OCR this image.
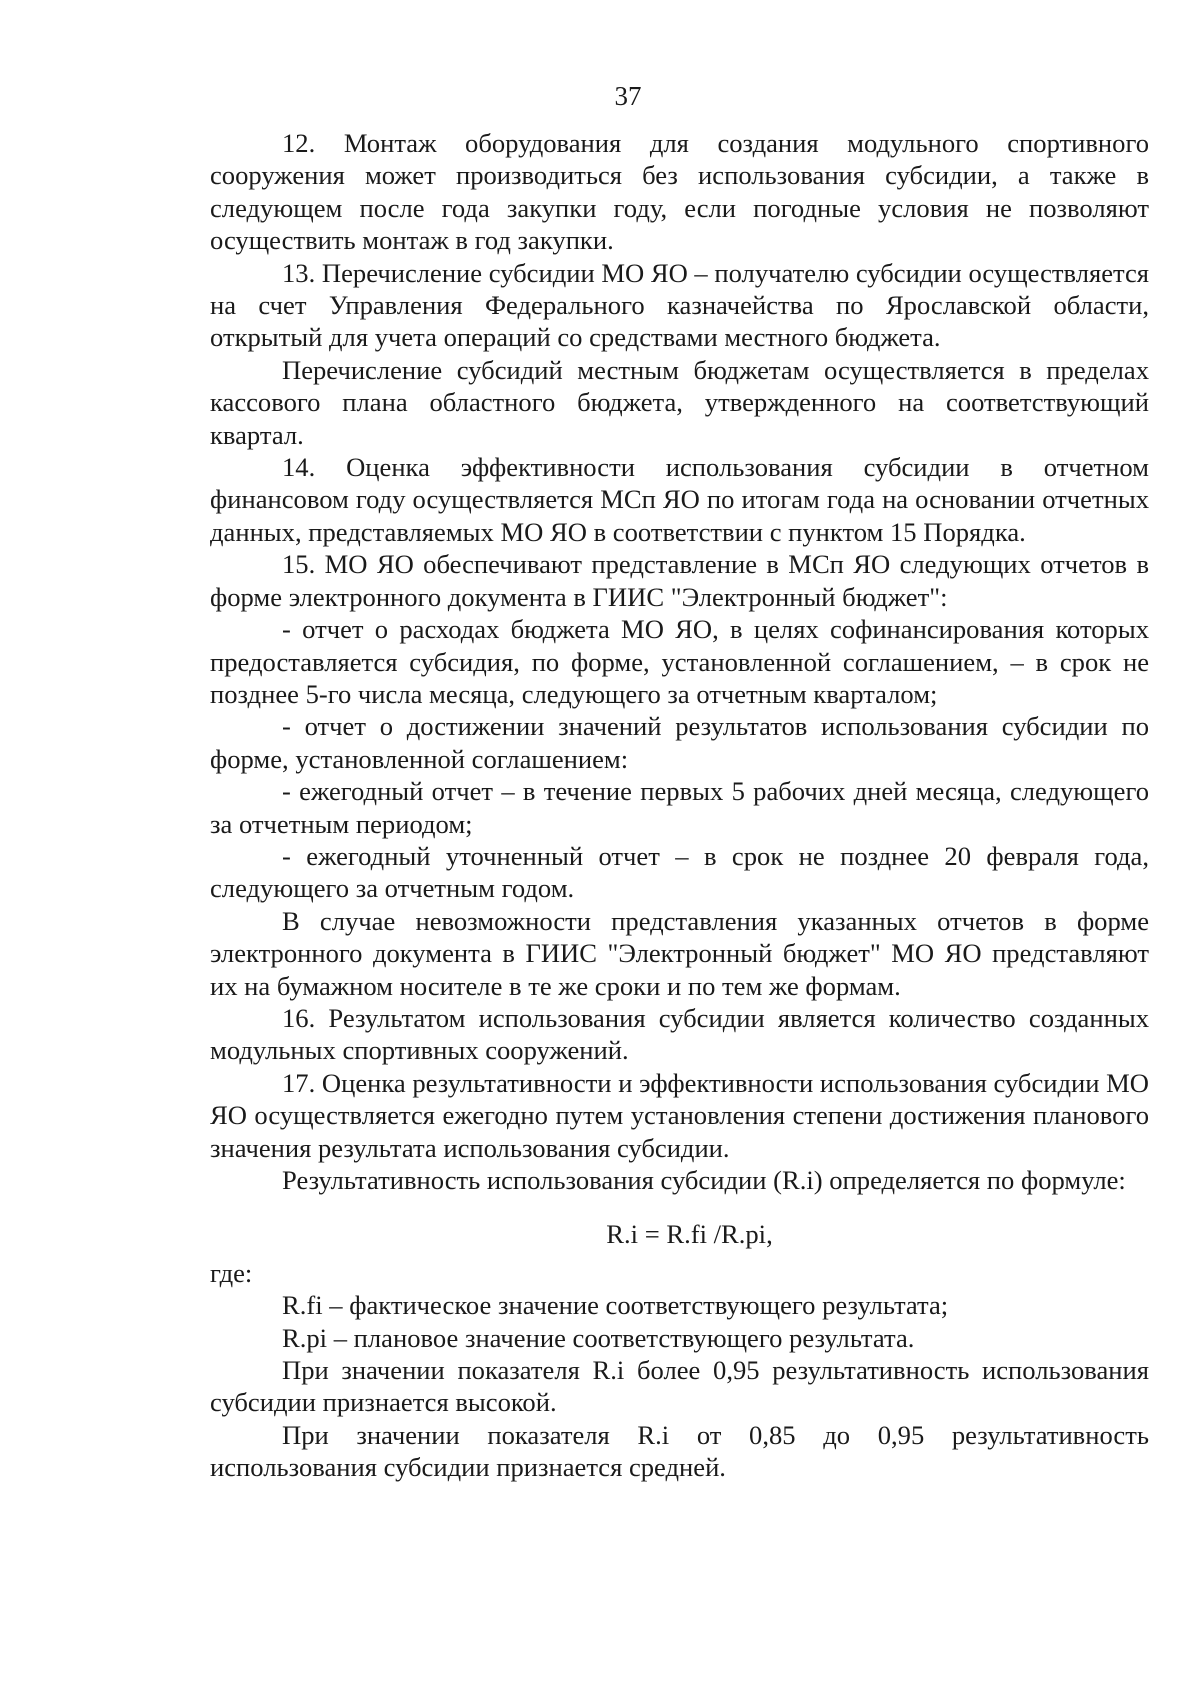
37

12. Монтаж оборудования для создания модульного спортивного сооружения может производиться без использования субсидии, а также в следующем после года закупки году, если погодные условия не позволяют осуществить монтаж в год закупки.

13. Перечисление субсидии МО ЯО – получателю субсидии осуществляется на счет Управления Федерального казначейства по Ярославской области, открытый для учета операций со средствами местного бюджета.

Перечисление субсидий местным бюджетам осуществляется в пределах кассового плана областного бюджета, утвержденного на соответствующий квартал.

14. Оценка эффективности использования субсидии в отчетном финансовом году осуществляется МСп ЯО по итогам года на основании отчетных данных, представляемых МО ЯО в соответствии с пунктом 15 Порядка.

15. МО ЯО обеспечивают представление в МСп ЯО следующих отчетов в форме электронного документа в ГИИС "Электронный бюджет":

- отчет о расходах бюджета МО ЯО, в целях софинансирования которых предоставляется субсидия, по форме, установленной соглашением, – в срок не позднее 5-го числа месяца, следующего за отчетным кварталом;

- отчет о достижении значений результатов использования субсидии по форме, установленной соглашением:

- ежегодный отчет – в течение первых 5 рабочих дней месяца, следующего за отчетным периодом;

- ежегодный уточненный отчет – в срок не позднее 20 февраля года, следующего за отчетным годом.

В случае невозможности представления указанных отчетов в форме электронного документа в ГИИС "Электронный бюджет" МО ЯО представляют их на бумажном носителе в те же сроки и по тем же формам.

16. Результатом использования субсидии является количество созданных модульных спортивных сооружений.

17. Оценка результативности и эффективности использования субсидии МО ЯО осуществляется ежегодно путем установления степени достижения планового значения результата использования субсидии.

Результативность использования субсидии (R.i) определяется по формуле:

R.i = R.fi /R.pi,

где:

R.fi – фактическое значение соответствующего результата;

R.pi – плановое значение соответствующего результата.

При значении показателя R.i более 0,95 результативность использования субсидии признается высокой.

При значении показателя R.i от 0,85 до 0,95 результативность использования субсидии признается средней.
